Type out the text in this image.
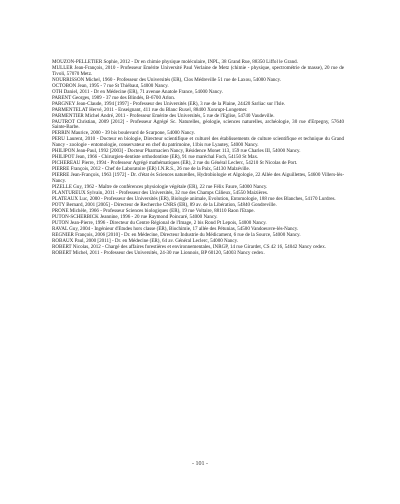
MOUZON-PELLETIER Sophie, 2012 - Dr en chimie physique moléculaire, INPL, 38 Grand Rue, 88350 Liffol le Grand.

MULLER Jean-François, 2010 - Professeur Emérite Université Paul Verlaine de Metz (chimie - physique, spectrométrie de masse), 20 rue de Tivoli, 57070 Metz.

NOURRISSON Michel, 1960 - Professeur des Universités (ER), Clos Médreville 51 rue de Laxou, 54000 Nancy.

OCTOBON Jean, 1995 - 7 rue St Thiébaut, 54000 Nancy.

OTH Daniel, 2011 - Dr en Médecine (ER), 71 avenue Anatole France, 54000 Nancy.

PARENT Georges, 1989 - 37 rue des Blindés, B-6700 Arlon.

PARGNEY Jean-Claude, 1994 [1997] - Professeur des Universités (ER), 3 rue de la Plaine, 24420 Sarliac sur l'Isle.

PARMENTELAT Hervé, 2011 - Enseignant, 411 rue du Blanc Ruxel, 88400 Xonrupt-Longemer.

PARMENTIER Michel André, 2011 - Professeur Emérite des Universités, 5 rue de l'Eglise, 54740 Vaudeville.

PAUTROT Christian, 2009 [2012] - Professeur Agrégé Sc. Naturelles, géologie, sciences naturelles, archéologie, 30 rue d'Erpegny, 57640 Sainte-Barbe.

PERRIN Maurice, 2000 - 39 bis boulevard de Scarpone, 54000 Nancy.

PERU Laurent, 2010 - Docteur en biologie, Directeur scientifique et culturel des établissements de culture scientifique et technique du Grand Nancy - zoologie - entomologie, conservateur en chef du patrimoine, 11bis rue Lyautey, 54000 Nancy.

PHILIPON Jean-Paul, 1992 [2003] - Docteur Pharmacien Nancy, Résidence Monet 113, 159 rue Charles III, 54000 Nancy.

PHILIPOT Jean, 1966 - Chirurgien-dentiste orthodontiste (ER), 91 rue maréchal Foch, 54150 St Max.

PICHEREAU Pierre, 1994 - Professeur Agrégé mathématiques (ER), 2 rue du Général Leclerc, 54210 St Nicolas de Port.

PIERRE François, 2012 - Chef de Laboratoire (ER) I.N.R.S., 26 rue de la Paix, 54130 Malzéville.

PIERRE Jean-François, 1963 [1972] - Dr. d'état ès Sciences naturelles, Hydrobiologie et Algologie, 22 Allée des Aiguillettes, 54600 Villers-lès-Nancy.

PIZELLE Guy, 1962 - Maître de conférences physiologie végétale (ER), 22 rue Félix Faure, 54000 Nancy.

PLANTUREUX Sylvain, 2011 - Professeur des Universités, 32 rue des Champs Câlieux, 54550 Maizières.

PLATEAUX Luc, 2000 - Professeur des Universités (ER), Biologie animale, Evolution, Entomologie, 188 rue des Blanches, 54170 Lurdres.

POTY Bernard, 2001 [2005] - Directeur de Recherche CNRS (ER), 89 av. de la Libération, 54840 Gondreville.

PRONE Michèle, 1966 - Professeur Sciences biologiques (ER), 19 rue Voltaire, 88110 Raon l'Etape.

PUTON-SCHERBICK Jeannine, 1996 - 20 rue Raymond Poincaré, 54000 Nancy.

PUTON Jean-Pierre, 1996 - Directeur du Centre Régional de l'Image, 2 bis Rond Pt Lepois, 54000 Nancy.

RAVAL Guy, 2004 - Ingénieur d'Etudes hors classe (ER), Biochimie, 17 allée des Pétunias, 54500 Vandoeuvre-lès-Nancy.

REGNIER François, 2006 [2010] - Dr. en Médecine, Directeur Industrie du Médicament, 6 rue de la Source, 54000 Nancy.

ROBAUX Paul, 2000 [2011] - Dr. en Médecine (ER), 64 av. Général Leclerc, 54000 Nancy.

ROBERT Nicolas, 2012 - Chargé des affaires forestières et environnementales, INRGP, 14 rue Girardet, CS 42 16, 54042 Nancy cedex.

ROBERT Michel, 2011 - Professeur des Universités, 24-30 rue Lionnois, BP 60120, 54003 Nancy cedex.

- 101 -
